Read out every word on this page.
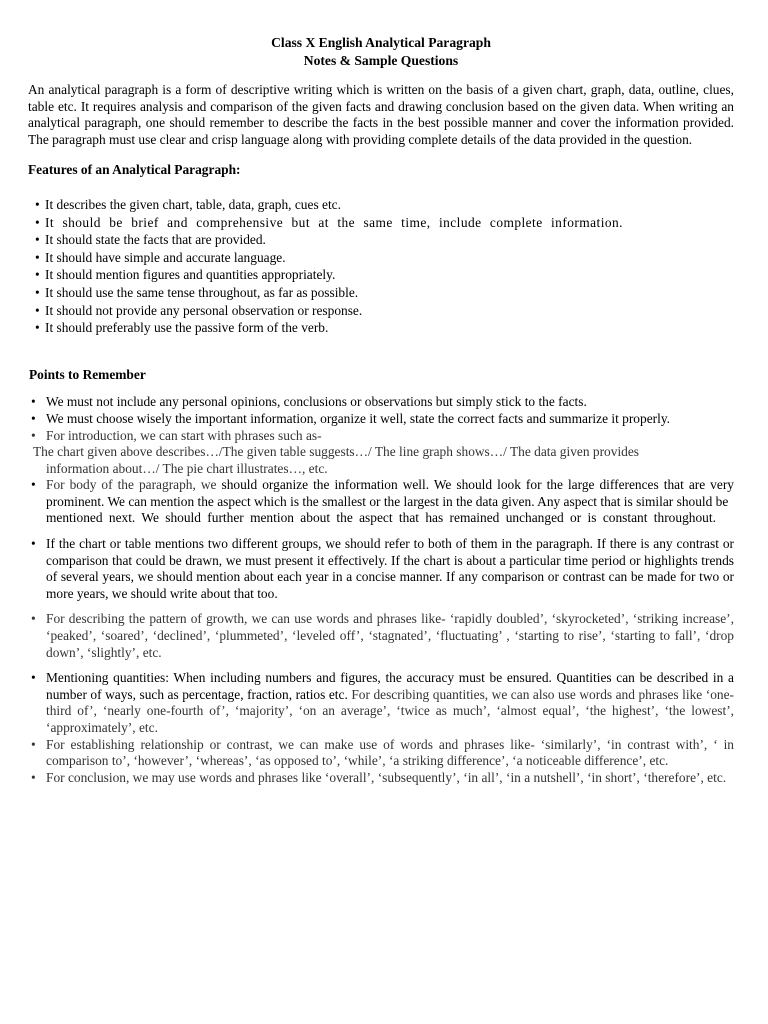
Class X English Analytical Paragraph
Notes & Sample Questions
An analytical paragraph is a form of descriptive writing which is written on the basis of a given chart, graph, data, outline, clues, table etc. It requires analysis and comparison of the given facts and drawing conclusion based on the given data. When writing an analytical paragraph, one should remember to describe the facts in the best possible manner and cover the information provided. The paragraph must use clear and crisp language along with providing complete details of the data provided in the question.
Features of an Analytical Paragraph:
• It describes the given chart, table, data, graph, cues etc.
• It should be brief and comprehensive but at the same time, include complete information.
• It should state the facts that are provided.
• It should have simple and accurate language.
• It should mention figures and quantities appropriately.
• It should use the same tense throughout, as far as possible.
• It should not provide any personal observation or response.
• It should preferably use the passive form of the verb.
Points to Remember
• We must not include any personal opinions, conclusions or observations but simply stick to the facts.
• We must choose wisely the important information, organize it well, state the correct facts and summarize it properly.
• For introduction, we can start with phrases such as-
The chart given above describes…/The given table suggests…/ The line graph shows…/ The data given provides
information about…/ The pie chart illustrates…, etc.
• For body of the paragraph, we should organize the information well. We should look for the large differences that are very prominent. We can mention the aspect which is the smallest or the largest in the data given. Any aspect that is similar should be
mentioned next. We should further mention about the aspect that has remained unchanged or is constant throughout.
• If the chart or table mentions two different groups, we should refer to both of them in the paragraph. If there is any contrast or comparison that could be drawn, we must present it effectively. If the chart is about a particular time period or highlights trends of several years, we should mention about each year in a concise manner. If any comparison or contrast can be made for two or more years, we should write about that too.
• For describing the pattern of growth, we can use words and phrases like- ‘rapidly doubled’, ‘skyrocketed’, ‘striking increase’, ‘peaked’, ‘soared’, ‘declined’, ‘plummeted’, ‘leveled off’, ‘stagnated’, ‘fluctuating’ , ‘starting to rise’, ‘starting to fall’, ‘drop down’, ‘slightly’, etc.
• Mentioning quantities: When including numbers and figures, the accuracy must be ensured. Quantities can be described in a number of ways, such as percentage, fraction, ratios etc. For describing quantities, we can also use words and phrases like ‘one-third of’, ‘nearly one-fourth of’, ‘majority’, ‘on an average’, ‘twice as much’, ‘almost equal’, ‘the highest’, ‘the lowest’, ‘approximately’, etc.
• For establishing relationship or contrast, we can make use of words and phrases like- ‘similarly’, ‘in contrast with’, ‘ in comparison to’, ‘however’, ‘whereas’, ‘as opposed to’, ‘while’, ‘a striking difference’, ‘a noticeable difference’, etc.
• For conclusion, we may use words and phrases like ‘overall’, ‘subsequently’, ‘in all’, ‘in a nutshell’, ‘in short’, ‘therefore’, etc.
